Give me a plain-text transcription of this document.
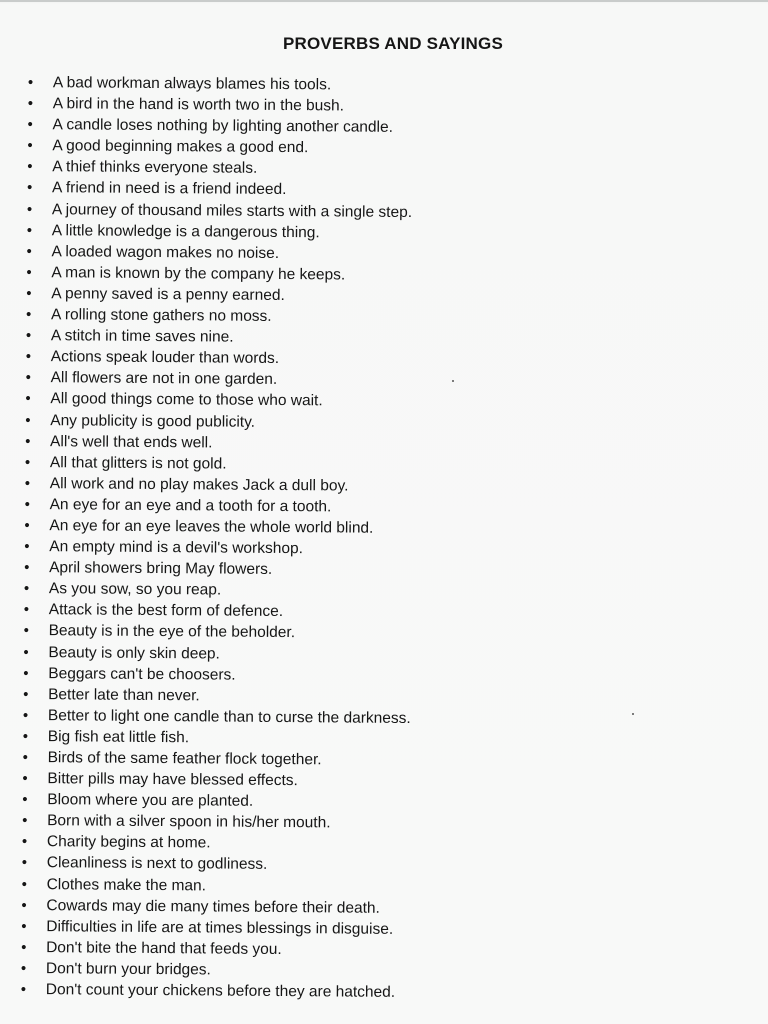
PROVERBS AND SAYINGS
•	A bad workman always blames his tools.
•	A bird in the hand is worth two in the bush.
•	A candle loses nothing by lighting another candle.
•	A good beginning makes a good end.
•	A thief thinks everyone steals.
•	A friend in need is a friend indeed.
•	A journey of thousand miles starts with a single step.
•	A little knowledge is a dangerous thing.
•	A loaded wagon makes no noise.
•	A man is known by the company he keeps.
•	A penny saved is a penny earned.
•	A rolling stone gathers no moss.
•	A stitch in time saves nine.
•	Actions speak louder than words.
•	All flowers are not in one garden.
•	All good things come to those who wait.
•	Any publicity is good publicity.
•	All's well that ends well.
•	All that glitters is not gold.
•	All work and no play makes Jack a dull boy.
•	An eye for an eye and a tooth for a tooth.
•	An eye for an eye leaves the whole world blind.
•	An empty mind is a devil's workshop.
•	April showers bring May flowers.
•	As you sow, so you reap.
•	Attack is the best form of defence.
•	Beauty is in the eye of the beholder.
•	Beauty is only skin deep.
•	Beggars can't be choosers.
•	Better late than never.
•	Better to light one candle than to curse the darkness.
•	Big fish eat little fish.
•	Birds of the same feather flock together.
•	Bitter pills may have blessed effects.
•	Bloom where you are planted.
•	Born with a silver spoon in his/her mouth.
•	Charity begins at home.
•	Cleanliness is next to godliness.
•	Clothes make the man.
•	Cowards may die many times before their death.
•	Difficulties in life are at times blessings in disguise.
•	Don't bite the hand that feeds you.
•	Don't burn your bridges.
•	Don't count your chickens before they are hatched.
